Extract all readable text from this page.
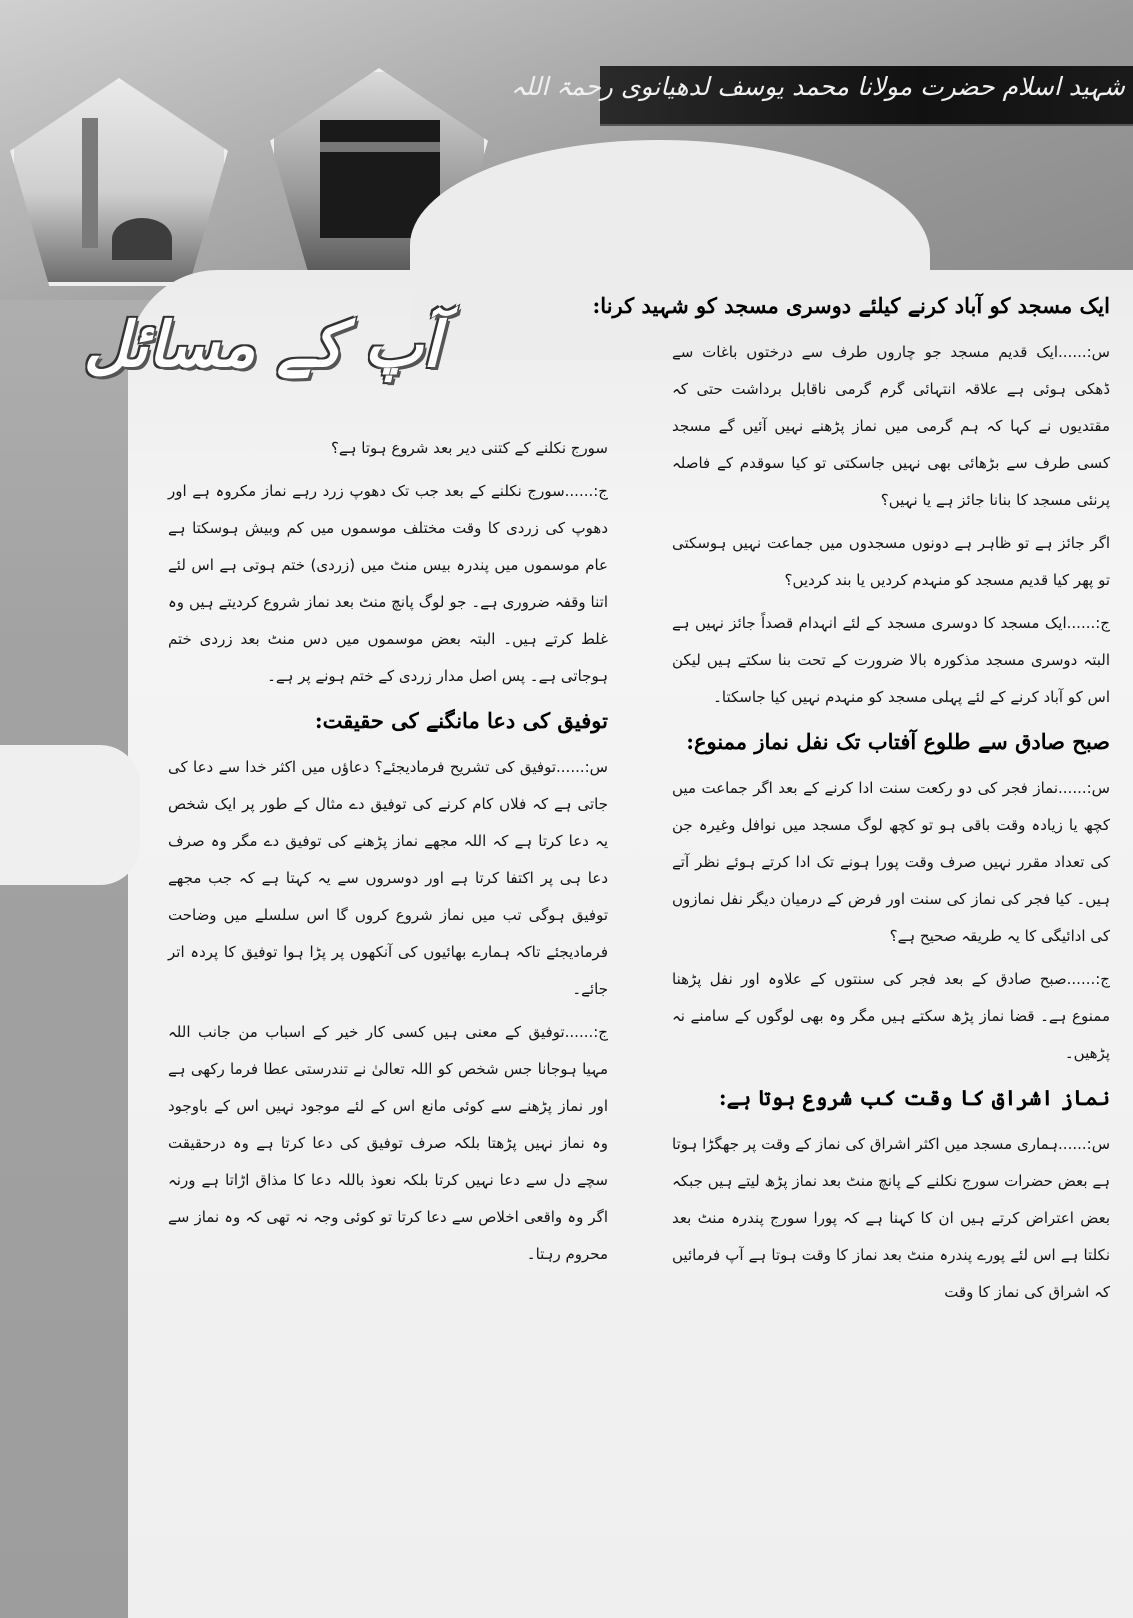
شہید اسلام حضرت مولانا محمد یوسف لدھیانوی رحمۃ اللہ
آپ کے مسائل
ایک مسجد کو آباد کرنے کیلئے دوسری مسجد کو شہید کرنا:

س:......ایک قدیم مسجد جو چاروں طرف سے درختوں باغات سے ڈھکی ہوئی ہے علاقہ انتہائی گرم گرمی ناقابل برداشت حتی کہ مقتدیوں نے کہا کہ ہم گرمی میں نماز پڑھنے نہیں آئیں گے مسجد کسی طرف سے بڑھائی بھی نہیں جاسکتی تو کیا سوقدم کے فاصلہ پرنئی مسجد کا بنانا جائز ہے یا نہیں؟

اگر جائز ہے تو ظاہر ہے دونوں مسجدوں میں جماعت نہیں ہوسکتی تو پھر کیا قدیم مسجد کو منہدم کردیں یا بند کردیں؟

ج:......ایک مسجد کا دوسری مسجد کے لئے انہدام قصداً جائز نہیں ہے البتہ دوسری مسجد مذکورہ بالا ضرورت کے تحت بنا سکتے ہیں لیکن اس کو آباد کرنے کے لئے پہلی مسجد کو منہدم نہیں کیا جاسکتا۔

صبح صادق سے طلوع آفتاب تک نفل نماز ممنوع:

س:......نماز فجر کی دو رکعت سنت ادا کرنے کے بعد اگر جماعت میں کچھ یا زیادہ وقت باقی ہو تو کچھ لوگ مسجد میں نوافل وغیرہ جن کی تعداد مقرر نہیں صرف وقت پورا ہونے تک ادا کرتے ہوئے نظر آتے ہیں۔ کیا فجر کی نماز کی سنت اور فرض کے درمیان دیگر نفل نمازوں کی ادائیگی کا یہ طریقہ صحیح ہے؟

ج:......صبح صادق کے بعد فجر کی سنتوں کے علاوہ اور نفل پڑھنا ممنوع ہے۔ قضا نماز پڑھ سکتے ہیں مگر وہ بھی لوگوں کے سامنے نہ پڑھیں۔

نماز اشراق کا وقت کب شروع ہوتا ہے:

س:......ہماری مسجد میں اکثر اشراق کی نماز کے وقت پر جھگڑا ہوتا ہے بعض حضرات سورج نکلنے کے پانچ منٹ بعد نماز پڑھ لیتے ہیں جبکہ بعض اعتراض کرتے ہیں ان کا کہنا ہے کہ پورا سورج پندرہ منٹ بعد نکلتا ہے اس لئے پورے پندرہ منٹ بعد نماز کا وقت ہوتا ہے آپ فرمائیں کہ اشراق کی نماز کا وقت

سورج نکلنے کے کتنی دیر بعد شروع ہوتا ہے؟

ج:......سورج نکلنے کے بعد جب تک دھوپ زرد رہے نماز مکروہ ہے اور دھوپ کی زردی کا وقت مختلف موسموں میں کم وبیش ہوسکتا ہے عام موسموں میں پندرہ بیس منٹ میں (زردی) ختم ہوتی ہے اس لئے اتنا وقفہ ضروری ہے۔ جو لوگ پانچ منٹ بعد نماز شروع کردیتے ہیں وہ غلط کرتے ہیں۔ البتہ بعض موسموں میں دس منٹ بعد زردی ختم ہوجاتی ہے۔ پس اصل مدار زردی کے ختم ہونے پر ہے۔

توفیق کی دعا مانگنے کی حقیقت:

س:......توفیق کی تشریح فرمادیجئے؟ دعاؤں میں اکثر خدا سے دعا کی جاتی ہے کہ فلاں کام کرنے کی توفیق دے مثال کے طور پر ایک شخص یہ دعا کرتا ہے کہ اللہ مجھے نماز پڑھنے کی توفیق دے مگر وہ صرف دعا ہی پر اکتفا کرتا ہے اور دوسروں سے یہ کہتا ہے کہ جب مجھے توفیق ہوگی تب میں نماز شروع کروں گا اس سلسلے میں وضاحت فرمادیجئے تاکہ ہمارے بھائیوں کی آنکھوں پر پڑا ہوا توفیق کا پردہ اتر جائے۔

ج:......توفیق کے معنی ہیں کسی کار خیر کے اسباب من جانب اللہ مہیا ہوجانا جس شخص کو اللہ تعالیٰ نے تندرستی عطا فرما رکھی ہے اور نماز پڑھنے سے کوئی مانع اس کے لئے موجود نہیں اس کے باوجود وہ نماز نہیں پڑھتا بلکہ صرف توفیق کی دعا کرتا ہے وہ درحقیقت سچے دل سے دعا نہیں کرتا بلکہ نعوذ باللہ دعا کا مذاق اڑاتا ہے ورنہ اگر وہ واقعی اخلاص سے دعا کرتا تو کوئی وجہ نہ تھی کہ وہ نماز سے محروم رہتا۔
